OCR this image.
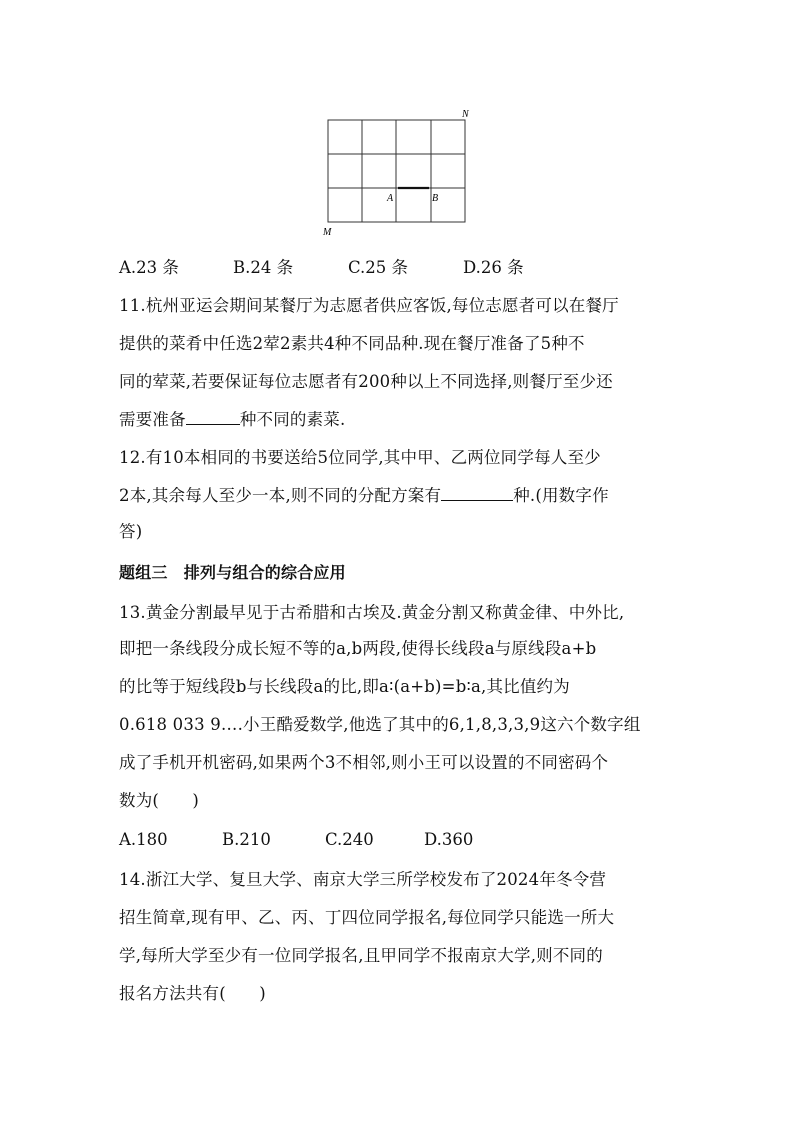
N
M
A	B
A.23 条	B.24 条	C.25 条	D.26 条
11.杭州亚运会期间某餐厅为志愿者供应客饭,每位志愿者可以在餐厅
提供的菜肴中任选2荤2素共4种不同品种.现在餐厅准备了5种不
同的荤菜,若要保证每位志愿者有200种以上不同选择,则餐厅至少还
需要准备	种不同的素菜.
12.有10本相同的书要送给5位同学,其中甲、乙两位同学每人至少
2本,其余每人至少一本,则不同的分配方案有	种.(用数字作
答)
题组三　排列与组合的综合应用
13.黄金分割最早见于古希腊和古埃及.黄金分割又称黄金律、中外比,
即把一条线段分成长短不等的a,b两段,使得长线段a与原线段a+b
的比等于短线段b与长线段a的比,即a∶(a+b)=b∶a,其比值约为
0.618 033 9….小王酷爱数学,他选了其中的6,1,8,3,3,9这六个数字组
成了手机开机密码,如果两个3不相邻,则小王可以设置的不同密码个
数为(　　)
A.180	B.210	C.240	D.360
14.浙江大学、复旦大学、南京大学三所学校发布了2024年冬令营
招生简章,现有甲、乙、丙、丁四位同学报名,每位同学只能选一所大
学,每所大学至少有一位同学报名,且甲同学不报南京大学,则不同的
报名方法共有(　　)
